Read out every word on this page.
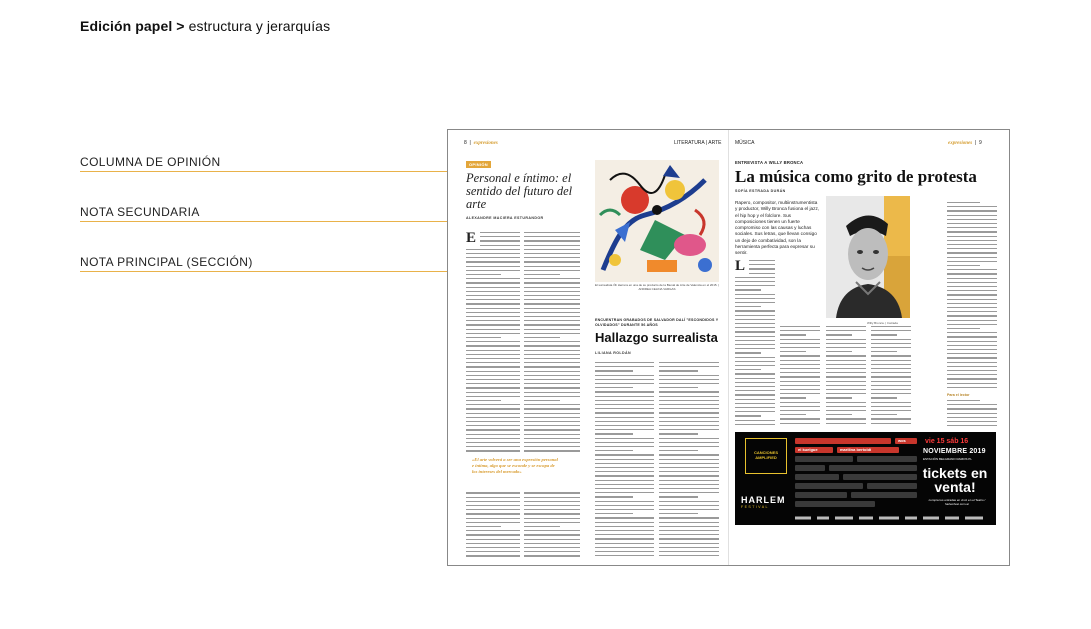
Edición papel > estructura y jerarquías
COLUMNA DE OPINIÓN
NOTA SECUNDARIA
NOTA PRINCIPAL (SECCIÓN)
8  |  expresiones	LITERATURA | ARTE	MÚSICA	expresiones  |  9
OPINIÓN
Personal e íntimo: el sentido del futuro del arte
ALEXANDRE MACIERA ESTURANDOR
E
«El arte volverá a ser una expresión personal e íntima, algo que se esconde y se escapa de los intereses del mercado»
El surrealista Óli Herrera en una de su producto de la Bienal de Arte de Valencia en el 2015. | ANDREA CELINA VARGAS
ENCUENTRAN GRABADOS DE SALVADOR DALÍ "ESCONDIDOS Y OLVIDADOS" DURANTE 56 AÑOS
Hallazgo surrealista
LILIANA ROLDÁN
ENTREVISTA A WILLY BRONCA
La música como grito de protesta
SOFÍA ESTRADA DURÁN
Rapero, compositor, multiinstrumentista y productor, Willy Bronca fusiona el jazz, el hip hop y el folclore. Sus composiciones tienen un fuerte compromiso con las causas y luchas sociales. Sus letras, que llevan consigo un dejo de combatividad, son la herramienta perfecta para expresar su sentir.
L
Willy Bronca. | Instrada
Para el lector
CANCIONES AMPLIFIED
wos
el kuelgue	marilina bertoldi
vie 15 sáb 16
NOVIEMBRE 2019
ESTACIÓN BELGRANO RAMOS PL
tickets en venta!
HARLEM
FESTIVAL
compra tus entradas en vivo! en el Teatro / harlemfest.com.ar
